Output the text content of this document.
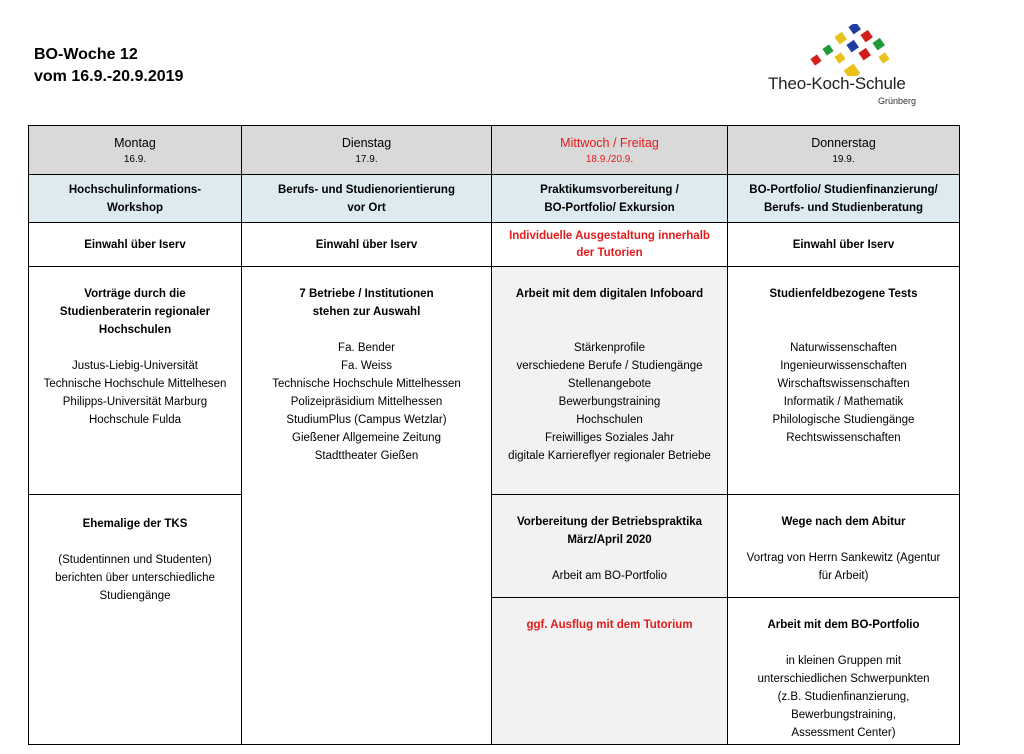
BO-Woche 12
vom 16.9.-20.9.2019	Theo-Koch-Schule
Grünberg
Montag
16.9.
Hochschulinformations-
Workshop
Einwahl über Iserv
Vorträge durch die
Studienberaterin regionaler
Hochschulen
Justus-Liebig-Universität
Technische Hochschule Mittelhesen
Philipps-Universität Marburg
Hochschule Fulda
Ehemalige der TKS
(Studentinnen und Studenten)
berichten über unterschiedliche
Studiengänge
Dienstag
17.9.
Berufs- und Studienorientierung
vor Ort
Einwahl über Iserv
7 Betriebe / Institutionen
stehen zur Auswahl
Fa. Bender
Fa. Weiss
Technische Hochschule Mittelhessen
Polizeipräsidium Mittelhessen
StudiumPlus (Campus Wetzlar)
Gießener Allgemeine Zeitung
Stadttheater Gießen
Mittwoch / Freitag
18.9./20.9.
Praktikumsvorbereitung /
BO-Portfolio/ Exkursion
Individuelle Ausgestaltung innerhalb
der Tutorien
Arbeit mit dem digitalen Infoboard
Stärkenprofile
verschiedene Berufe / Studiengänge
Stellenangebote
Bewerbungstraining
Hochschulen
Freiwilliges Soziales Jahr
digitale Karriereflyer regionaler Betriebe
Vorbereitung der Betriebspraktika
März/April 2020
Arbeit am BO-Portfolio
ggf. Ausflug mit dem Tutorium
Donnerstag
19.9.
BO-Portfolio/ Studienfinanzierung/
Berufs- und Studienberatung
Einwahl über Iserv
Studienfeldbezogene Tests
Naturwissenschaften
Ingenieurwissenschaften
Wirschaftswissenschaften
Informatik / Mathematik
Philologische Studiengänge
Rechtswissenschaften
Wege nach dem Abitur
Vortrag von Herrn Sankewitz (Agentur
für Arbeit)
Arbeit mit dem BO-Portfolio
in kleinen Gruppen mit
unterschiedlichen Schwerpunkten
(z.B. Studienfinanzierung,
Bewerbungstraining,
Assessment Center)
